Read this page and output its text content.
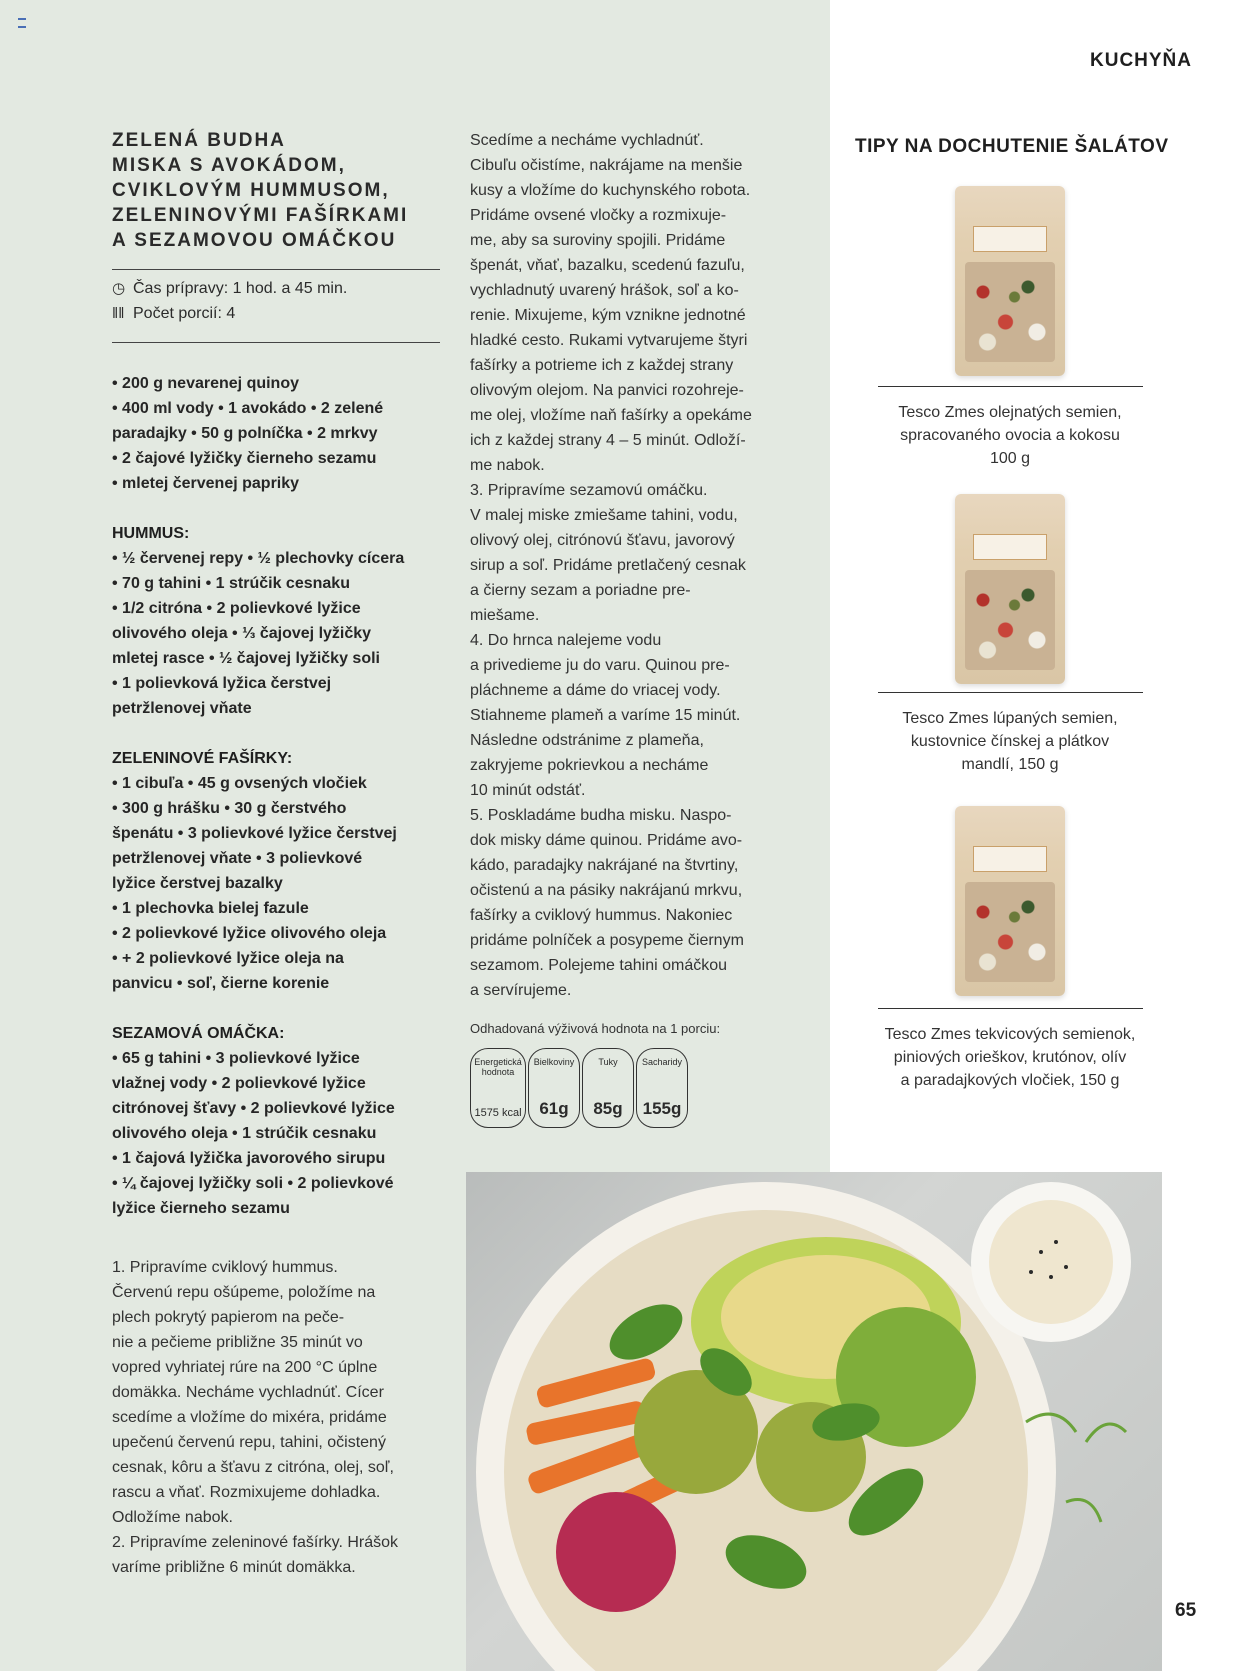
KUCHYŇA
ZELENÁ BUDHA
MISKA S AVOKÁDOM,
CVIKLOVÝM HUMMUSOM,
ZELENINOVÝMI FAŠÍRKAMI
A SEZAMOVOU OMÁČKOU
◷ Čas prípravy: 1 hod. a 45 min.
ǁǁ Počet porcií: 4
• 200 g nevarenej quinoy
• 400 ml vody • 1 avokádo • 2 zelené
paradajky • 50 g polníčka • 2 mrkvy
• 2 čajové lyžičky čierneho sezamu
• mletej červenej papriky
HUMMUS:
• ½ červenej repy • ½ plechovky cícera
• 70 g tahini • 1 strúčik cesnaku
• 1/2 citróna • 2 polievkové lyžice
olivového oleja • ⅓ čajovej lyžičky
mletej rasce • ½ čajovej lyžičky soli
• 1 polievková lyžica čerstvej
petržlenovej vňate
ZELENINOVÉ FAŠÍRKY:
• 1 cibuľa • 45 g ovsených vločiek
• 300 g hrášku • 30 g čerstvého
špenátu • 3 polievkové lyžice čerstvej
petržlenovej vňate • 3 polievkové
lyžice čerstvej bazalky
• 1 plechovka bielej fazule
• 2 polievkové lyžice olivového oleja
• + 2 polievkové lyžice oleja na
panvicu • soľ, čierne korenie
SEZAMOVÁ OMÁČKA:
• 65 g tahini • 3 polievkové lyžice
vlažnej vody • 2 polievkové lyžice
citrónovej šťavy • 2 polievkové lyžice
olivového oleja • 1 strúčik cesnaku
• 1 čajová lyžička javorového sirupu
• ¼ čajovej lyžičky soli • 2 polievkové
lyžice čierneho sezamu
1. Pripravíme cviklový hummus.
Červenú repu ošúpeme, položíme na
plech pokrytý papierom na peče-
nie a pečieme približne 35 minút vo
vopred vyhriatej rúre na 200 °C úplne
domäkka. Necháme vychladnúť. Cícer
scedíme a vložíme do mixéra, pridáme
upečenú červenú repu, tahini, očistený
cesnak, kôru a šťavu z citróna, olej, soľ,
rascu a vňať. Rozmixujeme dohladka.
Odložíme nabok.
2. Pripravíme zeleninové fašírky. Hrášok
varíme približne 6 minút domäkka.
Scedíme a necháme vychladnúť.
Cibuľu očistíme, nakrájame na menšie
kusy a vložíme do kuchynského robota.
Pridáme ovsené vločky a rozmixuje-
me, aby sa suroviny spojili. Pridáme
špenát, vňať, bazalku, scedenú fazuľu,
vychladnutý uvarený hrášok, soľ a ko-
renie. Mixujeme, kým vznikne jednotné
hladké cesto. Rukami vytvarujeme štyri
fašírky a potrieme ich z každej strany
olivovým olejom. Na panvici rozohreje-
me olej, vložíme naň fašírky a opekáme
ich z každej strany 4 – 5 minút. Odloží-
me nabok.
3. Pripravíme sezamovú omáčku.
V malej miske zmiešame tahini, vodu,
olivový olej, citrónovú šťavu, javorový
sirup a soľ. Pridáme pretlačený cesnak
a čierny sezam a poriadne pre-
miešame.
4. Do hrnca nalejeme vodu
a privedieme ju do varu. Quinou pre-
pláchneme a dáme do vriacej vody.
Stiahneme plameň a varíme 15 minút.
Následne odstránime z plameňa,
zakryjeme pokrievkou a necháme
10 minút odstáť.
5. Poskladáme budha misku. Naspo-
dok misky dáme quinou. Pridáme avo-
kádo, paradajky nakrájané na štvrtiny,
očistenú a na pásiky nakrájanú mrkvu,
fašírky a cviklový hummus. Nakoniec
pridáme polníček a posypeme čiernym
sezamom. Polejeme tahini omáčkou
a servírujeme.
Odhadovaná výživová hodnota na 1 porciu:
Energetická hodnota
1575 kcal
Bielkoviny
61g
Tuky
85g
Sacharidy
155g
TIPY NA DOCHUTENIE ŠALÁTOV
Tesco Zmes olejnatých semien,
spracovaného ovocia a kokosu
100 g
Tesco Zmes lúpaných semien,
kustovnice čínskej a plátkov
mandlí, 150 g
Tesco Zmes tekvicových semienok,
piniových orieškov, krutónov, olív
a paradajkových vločiek, 150 g
65
